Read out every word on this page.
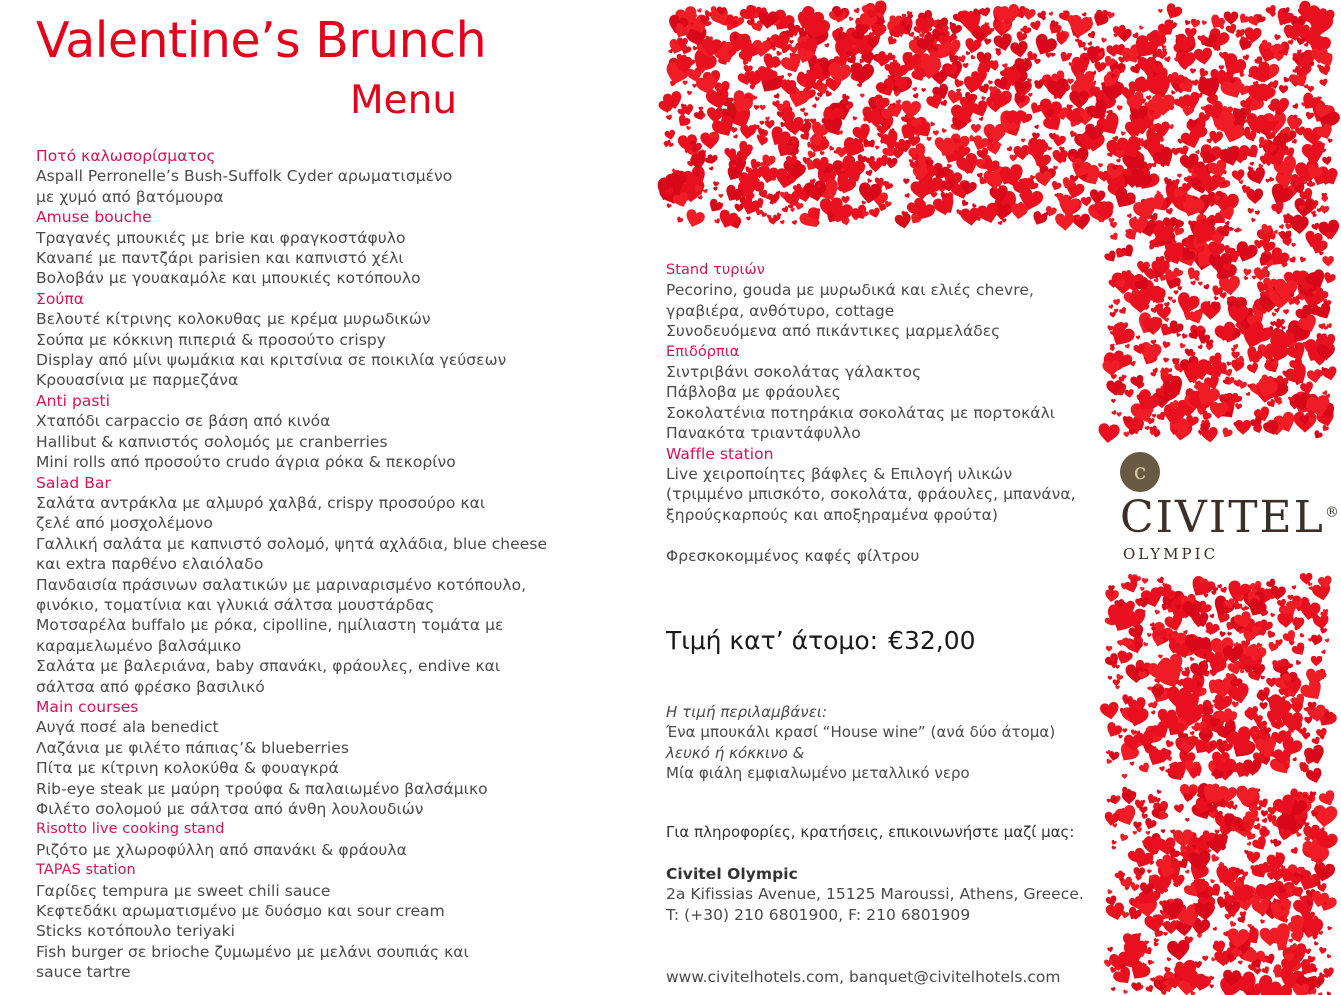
Valentine’s Brunch
Menu
Ποτό καλωσορίσματος
Aspall Perronelle’s Bush-Suffolk Cyder αρωματισμένο
με χυμό από βατόμουρα
Amuse bouche
Τραγανές μπουκιές με brie και φραγκοστάφυλο
Κανапέ με παντζάρι parisien και καπνιστό χέλι
Βολοβάν με γουακαμόλε και μπουκιές κοτόπουλο
Σούπα
Βελουτέ κίτρινης κολοκυθας με κρέμα μυρωδικών
Σούπα με κόκκινη πιπεριά & προσούτο crispy
Display από μίνι ψωμάκια και κριτσίνια σε ποικιλία γεύσεων
Κρουασίνια με παρμεζάνα
Anti pasti
Χταπόδι carpaccio σε βάση από κινόα
Hallibut & καπνιστός σολομός με cranberries
Mini rolls από προσούτο crudo άγρια ρόκα & πεκορίνο
Salad Bar
Σαλάτα αντράκλα με αλμυρό χαλβά, crispy προσούρο και
ζελέ από μοσχολέμονο
Γαλλική σαλάτα με καπνιστό σολομό, ψητά αχλάδια, blue cheese
και extra παρθένο ελαιόλαδο
Πανδαισία πράσινων σαλατικών με μαριναρισμένο κοτόπουλο,
φινόκιο, τοματίνια και γλυκιά σάλτσα μουστάρδας
Μοτσαρέλα buffalo με ρόκα, cipolline, ημίλιαστη τομάτα με
καραμελωμένο βαλσάμικο
Σαλάτα με βαλεριάνα, baby σπανάκι, φράουλες, endive και
σάλτσα από φρέσκο βασιλικό
Main courses
Αυγά ποσέ ala benedict
Λαζάνια με φιλέτο πάπιας’& blueberries
Πίτα με κίτρινη κολοκύθα & φουαγκρά
Rib-eye steak με μαύρη τρούφα & παλαιωμένο βαλσάμικο
Φιλέτο σολομού με σάλτσα από άνθη λουλουδιών
Risotto live cooking stand
Ριζότο με χλωροφύλλη από σπανάκι & φράουλα
TAPAS station
Γαρίδες tempura με sweet chili sauce
Κεφτεδάκι αρωματισμένο με δυόσμο και sour cream
Sticks κοτόπουλο teriyaki
Fish burger σε brioche ζυμωμένο με μελάνι σουπιάς και
sauce tartre
Stand τυριών
Pecorino, gouda με μυρωδικά και ελιές chevre,
γραβιέρα, ανθότυρο, cottage
Συνοδευόμενα από πικάντικες μαρμελάδες
Επιδόρπια
Σιντριβάνι σοκολάτας γάλακτος
Πάβλοβα με φράουλες
Σοκολατένια ποτηράκια σοκολάτας με πορτοκάλι
Πανακότα τριαντάφυλλο
Waffle station
Live χειροποίητες βάφλες & Επιλογή υλικών
(τριμμένο μπισκότο, σοκολάτα, φράουλες, μπανάνα,
ξηρούςκαρπούς και αποξηραμένα φρούτα)
Φρεσκοκομμένος καφές φίλτρου
Τιμή κατ’ άτομο: €32,00
Η τιμή περιλαμβάνει:
Ένα μπουκάλι κρασί “House wine” (ανά δύο άτομα)
λευκό ή κόκκινο &
Μία φιάλη εμφιαλωμένο μεταλλικό νερο
Για πληροφορίες, κρατήσεις, επικοινωνήστε μαζί μας:
Civitel Olympic
2a Kifissias Avenue, 15125 Maroussi, Athens, Greece.
T: (+30) 210 6801900, F: 210 6801909
www.civitelhotels.com, banquet@civitelhotels.com
c
CIVITEL®
OLYMPIC
